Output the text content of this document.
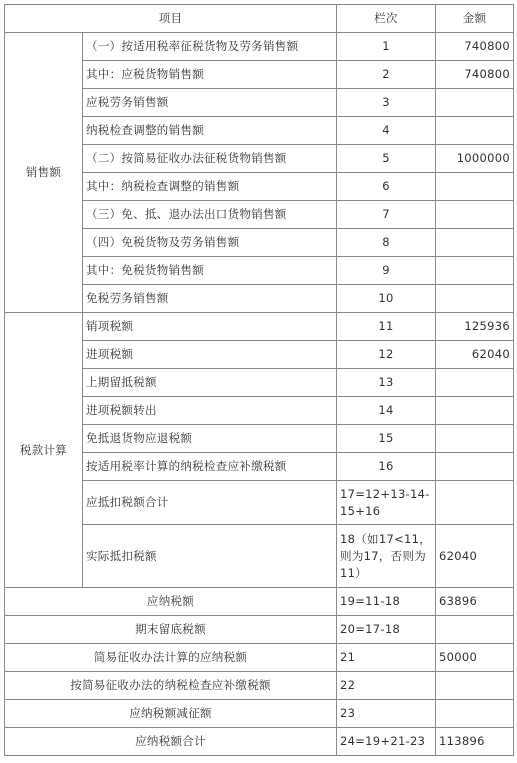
项目		栏次	金额
销售额	（一）按适用税率征税货物及劳务销售额	1	740800
	其中：应税货物销售额	2	740800
	应税劳务销售额	3	
	纳税检查调整的销售额	4	
	（二）按简易征收办法征税货物销售额	5	1000000
	其中：纳税检查调整的销售额	6	
	（三）免、抵、退办法出口货物销售额	7	
	（四）免税货物及劳务销售额	8	
	其中：免税货物销售额	9	
	免税劳务销售额	10	
税款计算	销项税额	11	125936
	进项税额	12	62040
	上期留抵税额	13	
	进项税额转出	14	
	免抵退货物应退税额	15	
	按适用税率计算的纳税检查应补缴税额	16	
	应抵扣税额合计	17=12+13-14-15+16	
	实际抵扣税额	18（如17<11，则为17，否则为11）	62040
应纳税额		19=11-18	63896
期末留底税额		20=17-18	
简易征收办法计算的应纳税额		21	50000
按简易征收办法的纳税检查应补缴税额		22	
应纳税额减征额		23	
应纳税额合计		24=19+21-23	113896
